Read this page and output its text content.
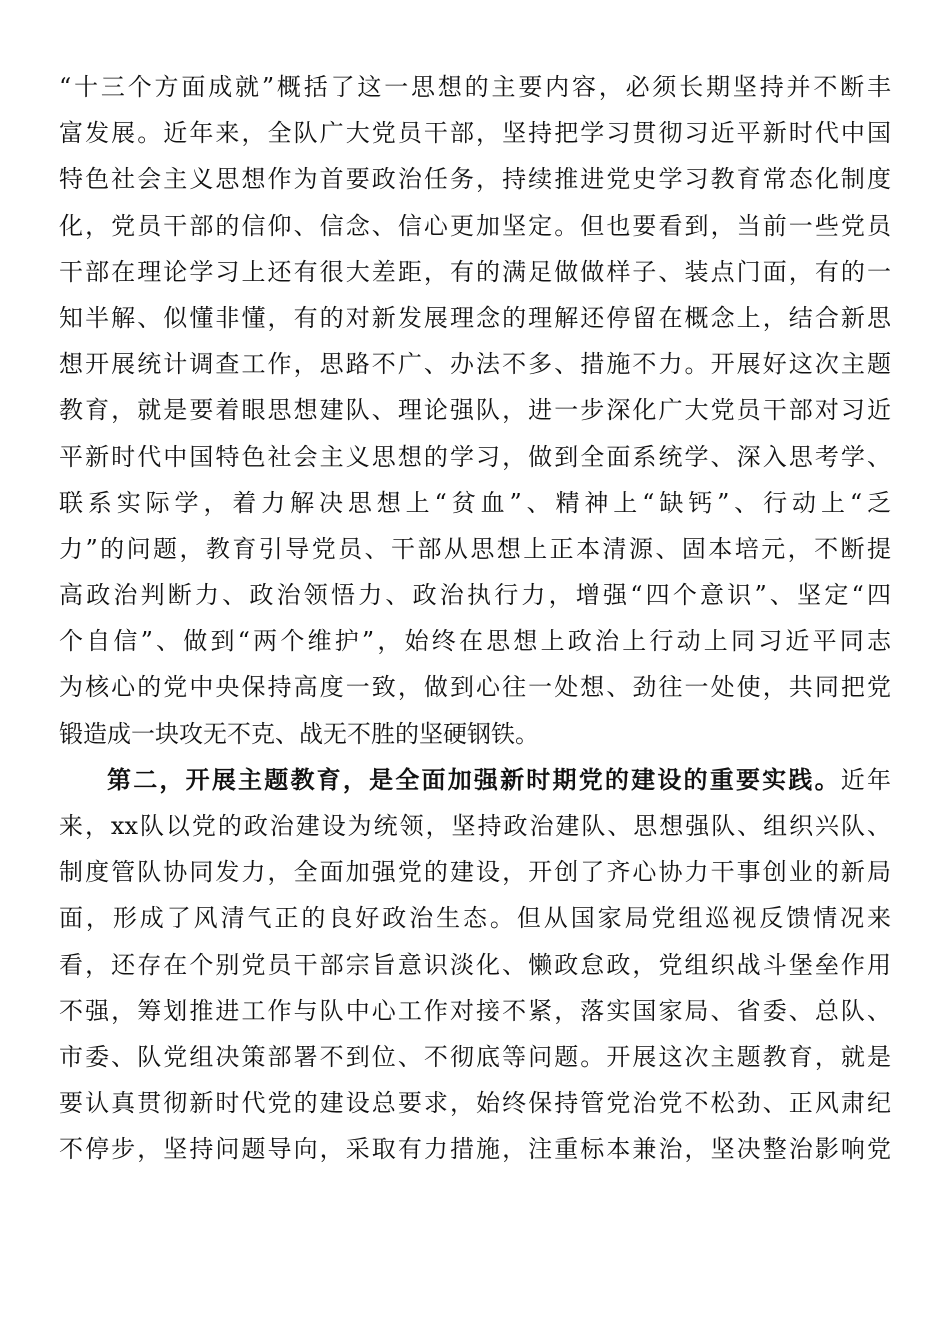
“十三个方面成就”概括了这一思想的主要内容，必须长期坚持并不断丰
富发展。近年来，全队广大党员干部，坚持把学习贯彻习近平新时代中国
特色社会主义思想作为首要政治任务，持续推进党史学习教育常态化制度
化，党员干部的信仰、信念、信心更加坚定。但也要看到，当前一些党员
干部在理论学习上还有很大差距，有的满足做做样子、装点门面，有的一
知半解、似懂非懂，有的对新发展理念的理解还停留在概念上，结合新思
想开展统计调查工作，思路不广、办法不多、措施不力。开展好这次主题
教育，就是要着眼思想建队、理论强队，进一步深化广大党员干部对习近
平新时代中国特色社会主义思想的学习，做到全面系统学、深入思考学、
联系实际学，着力解决思想上“贫血”、精神上“缺钙”、行动上“乏
力”的问题，教育引导党员、干部从思想上正本清源、固本培元，不断提
高政治判断力、政治领悟力、政治执行力，增强“四个意识”、坚定“四
个自信”、做到“两个维护”，始终在思想上政治上行动上同习近平同志
为核心的党中央保持高度一致，做到心往一处想、劲往一处使，共同把党
锻造成一块攻无不克、战无不胜的坚硬钢铁。
第二，开展主题教育，是全面加强新时期党的建设的重要实践。近年
来，xx队以党的政治建设为统领，坚持政治建队、思想强队、组织兴队、
制度管队协同发力，全面加强党的建设，开创了齐心协力干事创业的新局
面，形成了风清气正的良好政治生态。但从国家局党组巡视反馈情况来
看，还存在个别党员干部宗旨意识淡化、懒政怠政，党组织战斗堡垒作用
不强，筹划推进工作与队中心工作对接不紧，落实国家局、省委、总队、
市委、队党组决策部署不到位、不彻底等问题。开展这次主题教育，就是
要认真贯彻新时代党的建设总要求，始终保持管党治党不松劲、正风肃纪
不停步，坚持问题导向，采取有力措施，注重标本兼治，坚决整治影响党
